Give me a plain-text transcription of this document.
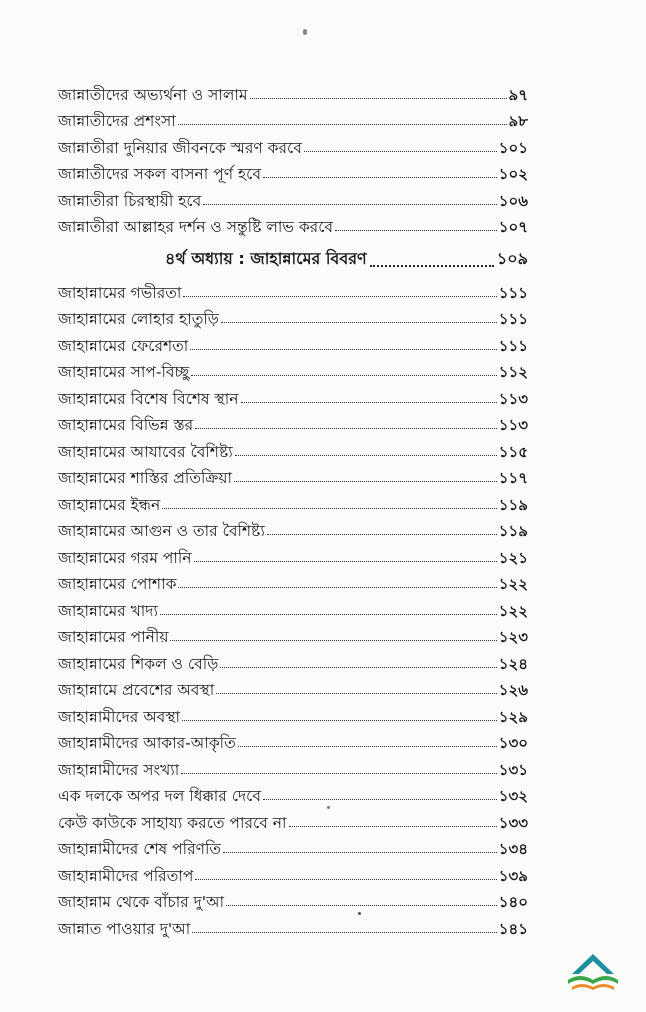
জান্নাতীদের অভ্যর্থনা ও সালাম	৯৭
জান্নাতীদের প্রশংসা	৯৮
জান্নাতীরা দুনিয়ার জীবনকে স্মরণ করবে	১০১
জান্নাতীদের সকল বাসনা পূর্ণ হবে	১০২
জান্নাতীরা চিরস্থায়ী হবে	১০৬
জান্নাতীরা আল্লাহর দর্শন ও সন্তুষ্টি লাভ করবে	১০৭
৪র্থ অধ্যায় : জাহান্নামের বিবরণ	১০৯
জাহান্নামের গভীরতা	১১১
জাহান্নামের লোহার হাতুড়ি	১১১
জাহান্নামের ফেরেশতা	১১১
জাহান্নামের সাপ-বিচ্ছু	১১২
জাহান্নামের বিশেষ বিশেষ স্থান	১১৩
জাহান্নামের বিভিন্ন স্তর	১১৩
জাহান্নামের আযাবের বৈশিষ্ট্য	১১৫
জাহান্নামের শাস্তির প্রতিক্রিয়া	১১৭
জাহান্নামের ইন্ধন	১১৯
জাহান্নামের আগুন ও তার বৈশিষ্ট্য	১১৯
জাহান্নামের গরম পানি	১২১
জাহান্নামের পোশাক	১২২
জাহান্নামের খাদ্য	১২২
জাহান্নামের পানীয়	১২৩
জাহান্নামের শিকল ও বেড়ি	১২৪
জাহান্নামে প্রবেশের অবস্থা	১২৬
জাহান্নামীদের অবস্থা	১২৯
জাহান্নামীদের আকার-আকৃতি	১৩০
জাহান্নামীদের সংখ্যা	১৩১
এক দলকে অপর দল ধিক্কার দেবে	১৩২
কেউ কাউকে সাহায্য করতে পারবে না	১৩৩
জাহান্নামীদের শেষ পরিণতি	১৩৪
জাহান্নামীদের পরিতাপ	১৩৯
জাহান্নাম থেকে বাঁচার দু'আ	১৪০
জান্নাত পাওয়ার দু'আ	১৪১
